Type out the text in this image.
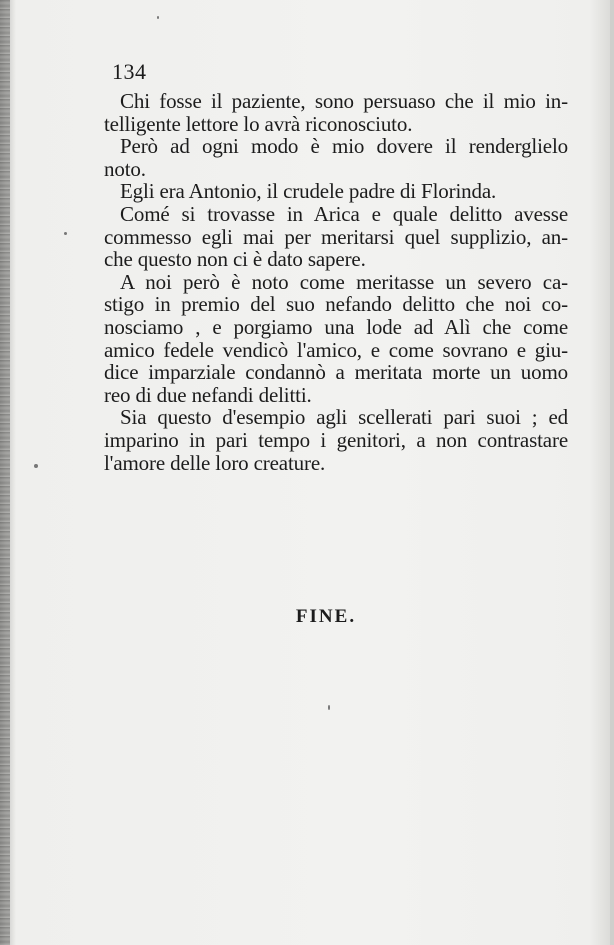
134

Chi fosse il paziente, sono persuaso che il mio in-

telligente lettore lo avrà riconosciuto.

Però ad ogni modo è mio dovere il renderglielo

noto.

Egli era Antonio, il crudele padre di Florinda.

Comé si trovasse in Arica e quale delitto avesse

commesso egli mai per meritarsi quel supplizio, an-

che questo non ci è dato sapere.

A noi però è noto come meritasse un severo ca-

stigo in premio del suo nefando delitto che noi co-

nosciamo , e porgiamo una lode ad Alì che come

amico fedele vendicò l'amico, e come sovrano e giu-

dice imparziale condannò a meritata morte un uomo

reo di due nefandi delitti.

Sia questo d'esempio agli scellerati pari suoi ; ed

imparino in pari tempo i genitori, a non contrastare

l'amore delle loro creature.

FINE.
